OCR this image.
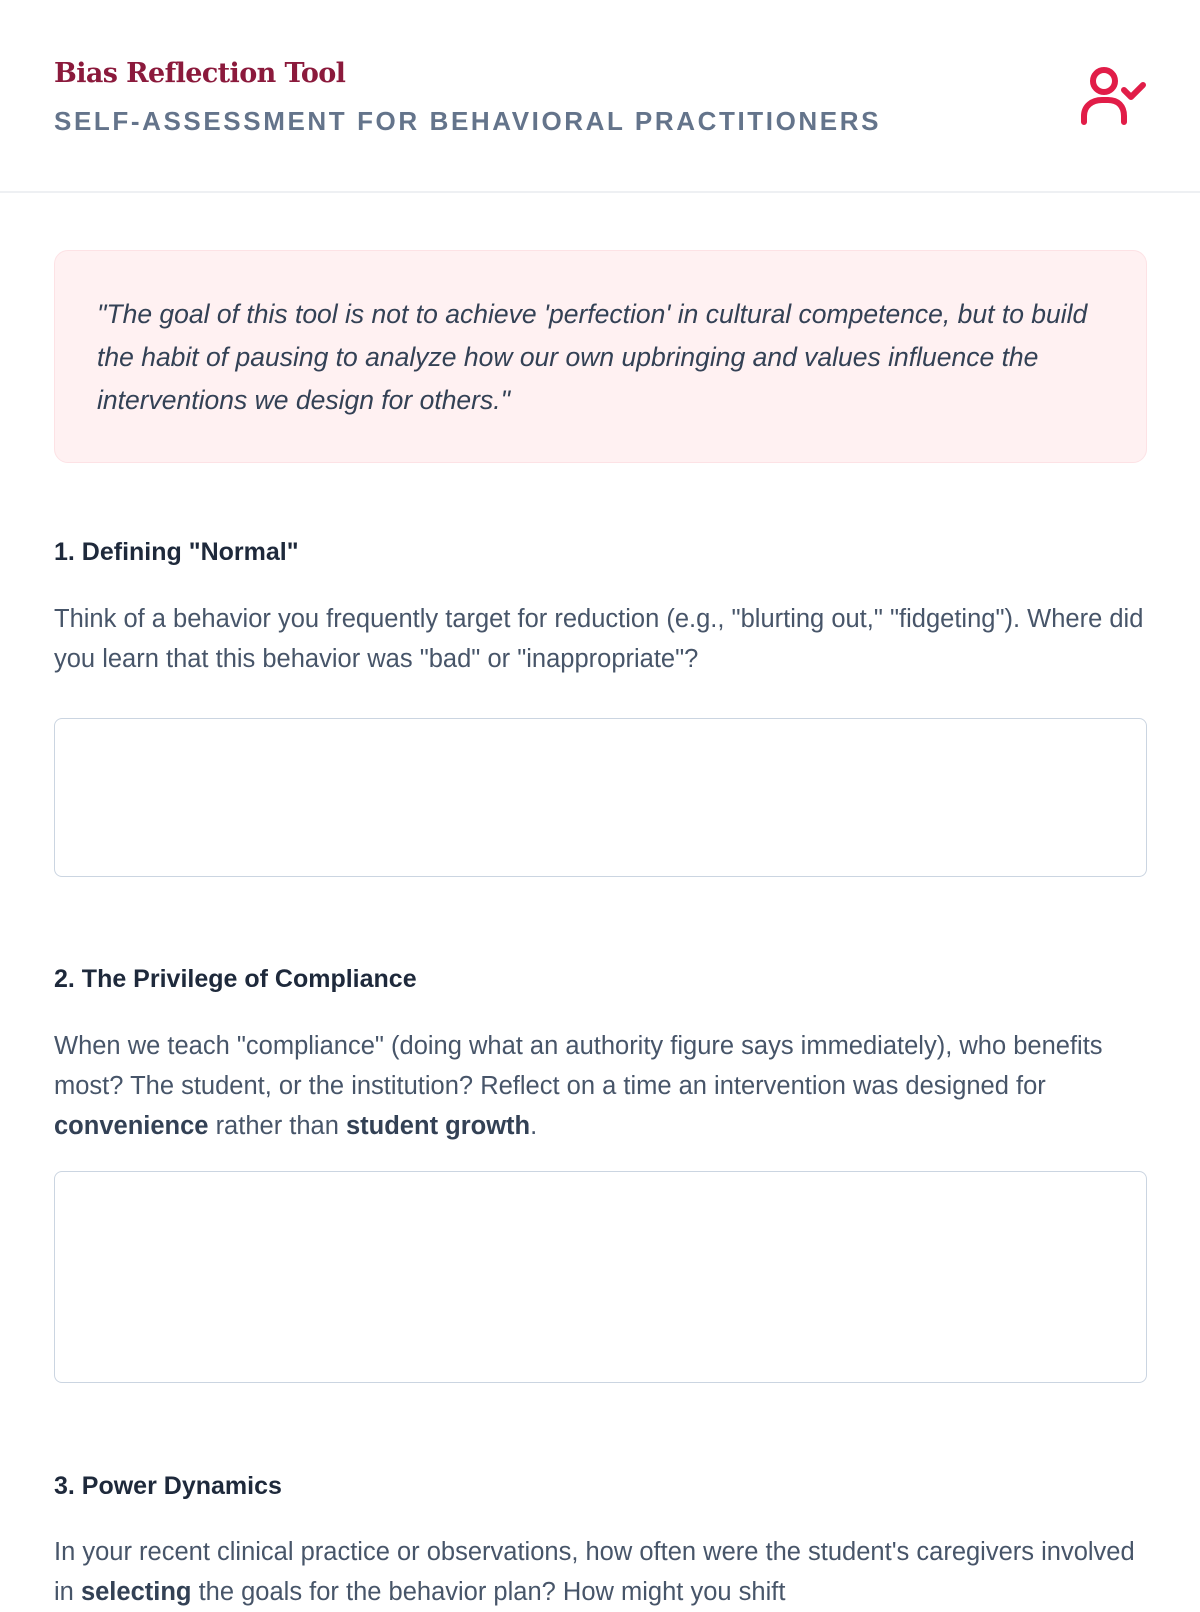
Bias Reflection Tool
SELF-ASSESSMENT FOR BEHAVIORAL PRACTITIONERS
"The goal of this tool is not to achieve 'perfection' in cultural competence, but to build the habit of pausing to analyze how our own upbringing and values influence the interventions we design for others."
1. Defining "Normal"
Think of a behavior you frequently target for reduction (e.g., "blurting out," "fidgeting"). Where did you learn that this behavior was "bad" or "inappropriate"?
2. The Privilege of Compliance
When we teach "compliance" (doing what an authority figure says immediately), who benefits most? The student, or the institution? Reflect on a time an intervention was designed for convenience rather than student growth.
3. Power Dynamics
In your recent clinical practice or observations, how often were the student's caregivers involved in selecting the goals for the behavior plan? How might you shift
